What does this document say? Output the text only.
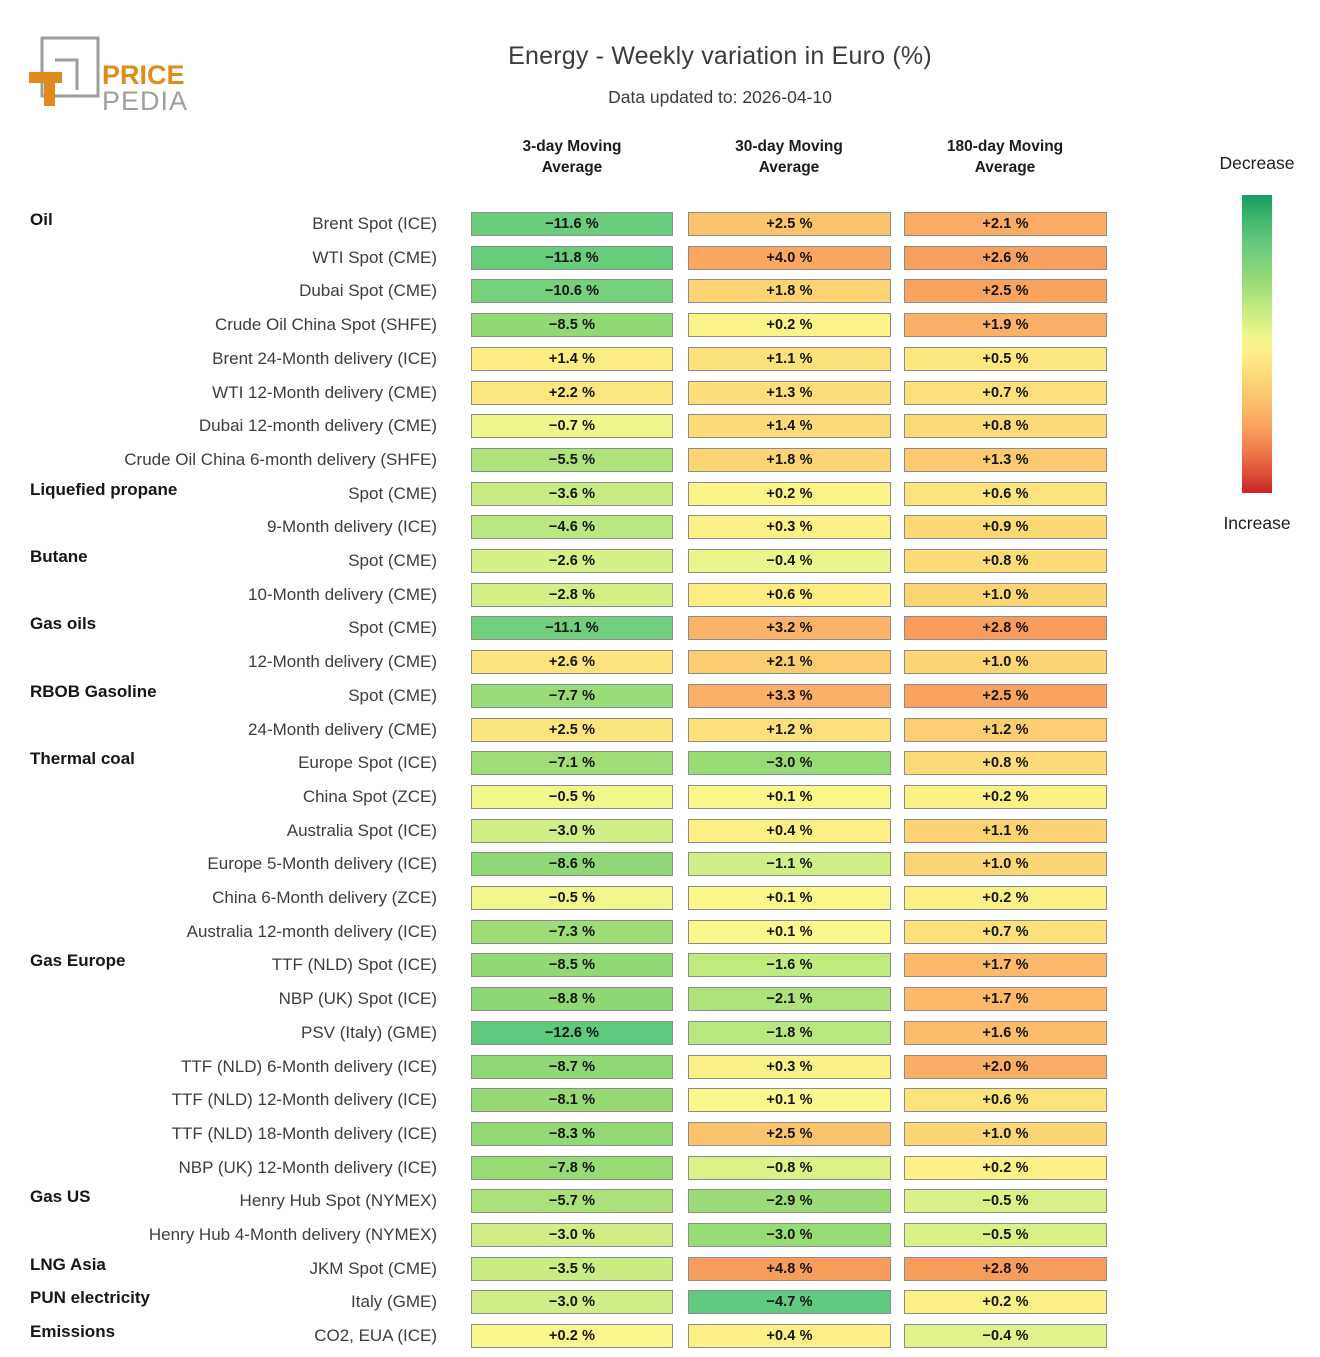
PRICE
PEDIA
Energy - Weekly variation in Euro (%)
Data updated to: 2026-04-10
3-day Moving Average
30-day Moving Average
180-day Moving Average	Decrease
Increase
Oil	Brent Spot (ICE)	−11.6 %	+2.5 %	+2.1 %
WTI Spot (CME)	−11.8 %	+4.0 %	+2.6 %
Dubai Spot (CME)	−10.6 %	+1.8 %	+2.5 %
Crude Oil China Spot (SHFE)	−8.5 %	+0.2 %	+1.9 %
Brent 24-Month delivery (ICE)	+1.4 %	+1.1 %	+0.5 %
WTI 12-Month delivery (CME)	+2.2 %	+1.3 %	+0.7 %
Dubai 12-month delivery (CME)	−0.7 %	+1.4 %	+0.8 %
Crude Oil China 6-month delivery (SHFE)	−5.5 %	+1.8 %	+1.3 %
Liquefied propane	Spot (CME)	−3.6 %	+0.2 %	+0.6 %
9-Month delivery (ICE)	−4.6 %	+0.3 %	+0.9 %
Butane	Spot (CME)	−2.6 %	−0.4 %	+0.8 %
10-Month delivery (CME)	−2.8 %	+0.6 %	+1.0 %
Gas oils	Spot (CME)	−11.1 %	+3.2 %	+2.8 %
12-Month delivery (CME)	+2.6 %	+2.1 %	+1.0 %
RBOB Gasoline	Spot (CME)	−7.7 %	+3.3 %	+2.5 %
24-Month delivery (CME)	+2.5 %	+1.2 %	+1.2 %
Thermal coal	Europe Spot (ICE)	−7.1 %	−3.0 %	+0.8 %
China Spot (ZCE)	−0.5 %	+0.1 %	+0.2 %
Australia Spot (ICE)	−3.0 %	+0.4 %	+1.1 %
Europe 5-Month delivery (ICE)	−8.6 %	−1.1 %	+1.0 %
China 6-Month delivery (ZCE)	−0.5 %	+0.1 %	+0.2 %
Australia 12-month delivery (ICE)	−7.3 %	+0.1 %	+0.7 %
Gas Europe	TTF (NLD) Spot (ICE)	−8.5 %	−1.6 %	+1.7 %
NBP (UK) Spot (ICE)	−8.8 %	−2.1 %	+1.7 %
PSV (Italy) (GME)	−12.6 %	−1.8 %	+1.6 %
TTF (NLD) 6-Month delivery (ICE)	−8.7 %	+0.3 %	+2.0 %
TTF (NLD) 12-Month delivery (ICE)	−8.1 %	+0.1 %	+0.6 %
TTF (NLD) 18-Month delivery (ICE)	−8.3 %	+2.5 %	+1.0 %
NBP (UK) 12-Month delivery (ICE)	−7.8 %	−0.8 %	+0.2 %
Gas US	Henry Hub Spot (NYMEX)	−5.7 %	−2.9 %	−0.5 %
Henry Hub 4-Month delivery (NYMEX)	−3.0 %	−3.0 %	−0.5 %
LNG Asia	JKM Spot (CME)	−3.5 %	+4.8 %	+2.8 %
PUN electricity	Italy (GME)	−3.0 %	−4.7 %	+0.2 %
Emissions	CO2, EUA (ICE)	+0.2 %	+0.4 %	−0.4 %
